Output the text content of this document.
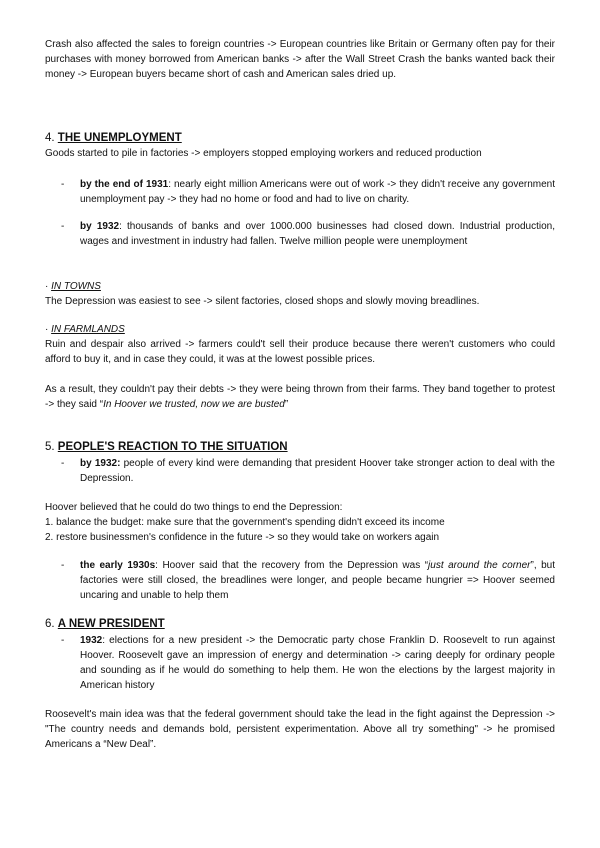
Crash also affected the sales to foreign countries -> European countries like Britain or Germany often pay for their purchases with money borrowed from American banks -> after the Wall Street Crash the banks wanted back their money -> European buyers became short of cash and American sales dried up.

4. THE UNEMPLOYMENT

Goods started to pile in factories -> employers stopped employing workers and reduced production

- by the end of 1931: nearly eight million Americans were out of work -> they didn't receive any government unemployment pay -> they had no home or food and had to live on charity.
- by 1932: thousands of banks and over 1000.000 businesses had closed down. Industrial production, wages and investment in industry had fallen. Twelve million people were unemployment
· IN TOWNS

The Depression was easiest to see -> silent factories, closed shops and slowly moving breadlines.

· IN FARMLANDS

Ruin and despair also arrived -> farmers could't sell their produce because there weren't customers who could afford to buy it, and in case they could, it was at the lowest possible prices.

As a result, they couldn't pay their debts -> they were being thrown from their farms. They band together to protest -> they said “In Hoover we trusted, now we are busted”

5. PEOPLE'S REACTION TO THE SITUATION
- by 1932: people of every kind were demanding that president Hoover take stronger action to deal with the Depression.

Hoover believed that he could do two things to end the Depression:

1. balance the budget: make sure that the government's spending didn't exceed its income

2. restore businessmen's confidence in the future -> so they would take on workers again

- the early 1930s: Hoover said that the recovery from the Depression was “just around the corner”, but factories were still closed, the breadlines were longer, and people became hungrier => Hoover seemed uncaring and unable to help them
6. A NEW PRESIDENT
- 1932: elections for a new president -> the Democratic party chose Franklin D. Roosevelt to run against Hoover. Roosevelt gave an impression of energy and determination -> caring deeply for ordinary people and sounding as if he would do something to help them. He won the elections by the largest majority in American history

Roosevelt's main idea was that the federal government should take the lead in the fight against the Depression -> "The country needs and demands bold, persistent experimentation. Above all try something" -> he promised Americans a “New Deal”.
